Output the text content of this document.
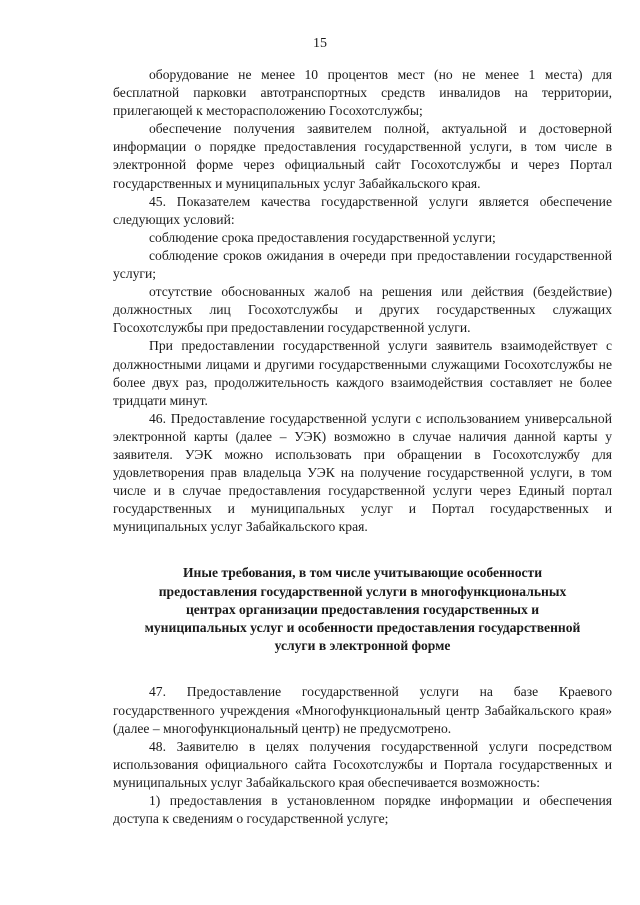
15

оборудование не менее 10 процентов мест (но не менее 1 места) для бесплатной парковки автотранспортных средств инвалидов на территории, прилегающей к месторасположению Госохотслужбы;

обеспечение получения заявителем полной, актуальной и достоверной информации о порядке предоставления государственной услуги, в том числе в электронной форме через официальный сайт Госохотслужбы и через Портал государственных и муниципальных услуг Забайкальского края.

45. Показателем качества государственной услуги является обеспечение следующих условий:

соблюдение срока предоставления государственной услуги;

соблюдение сроков ожидания в очереди при предоставлении государственной услуги;

отсутствие обоснованных жалоб на решения или действия (бездействие) должностных лиц Госохотслужбы и других государственных служащих Госохотслужбы при предоставлении государственной услуги.

При предоставлении государственной услуги заявитель взаимодействует с должностными лицами и другими государственными служащими Госохотслужбы не более двух раз, продолжительность каждого взаимодействия составляет не более тридцати минут.

46. Предоставление государственной услуги с использованием универсальной электронной карты (далее – УЭК) возможно в случае наличия данной карты у заявителя. УЭК можно использовать при обращении в Госохотслужбу для удовлетворения прав владельца УЭК на получение государственной услуги, в том числе и в случае предоставления государственной услуги через Единый портал государственных и муниципальных услуг и Портал государственных и муниципальных услуг Забайкальского края.

Иные требования, в том числе учитывающие особенности
предоставления государственной услуги в многофункциональных
центрах организации предоставления государственных и
муниципальных услуг и особенности предоставления государственной
услуги в электронной форме

47. Предоставление государственной услуги на базе Краевого государственного учреждения «Многофункциональный центр Забайкальского края» (далее – многофункциональный центр) не предусмотрено.

48. Заявителю в целях получения государственной услуги посредством использования официального сайта Госохотслужбы и Портала государственных и муниципальных услуг Забайкальского края обеспечивается возможность:

1) предоставления в установленном порядке информации и обеспечения доступа к сведениям о государственной услуге;
